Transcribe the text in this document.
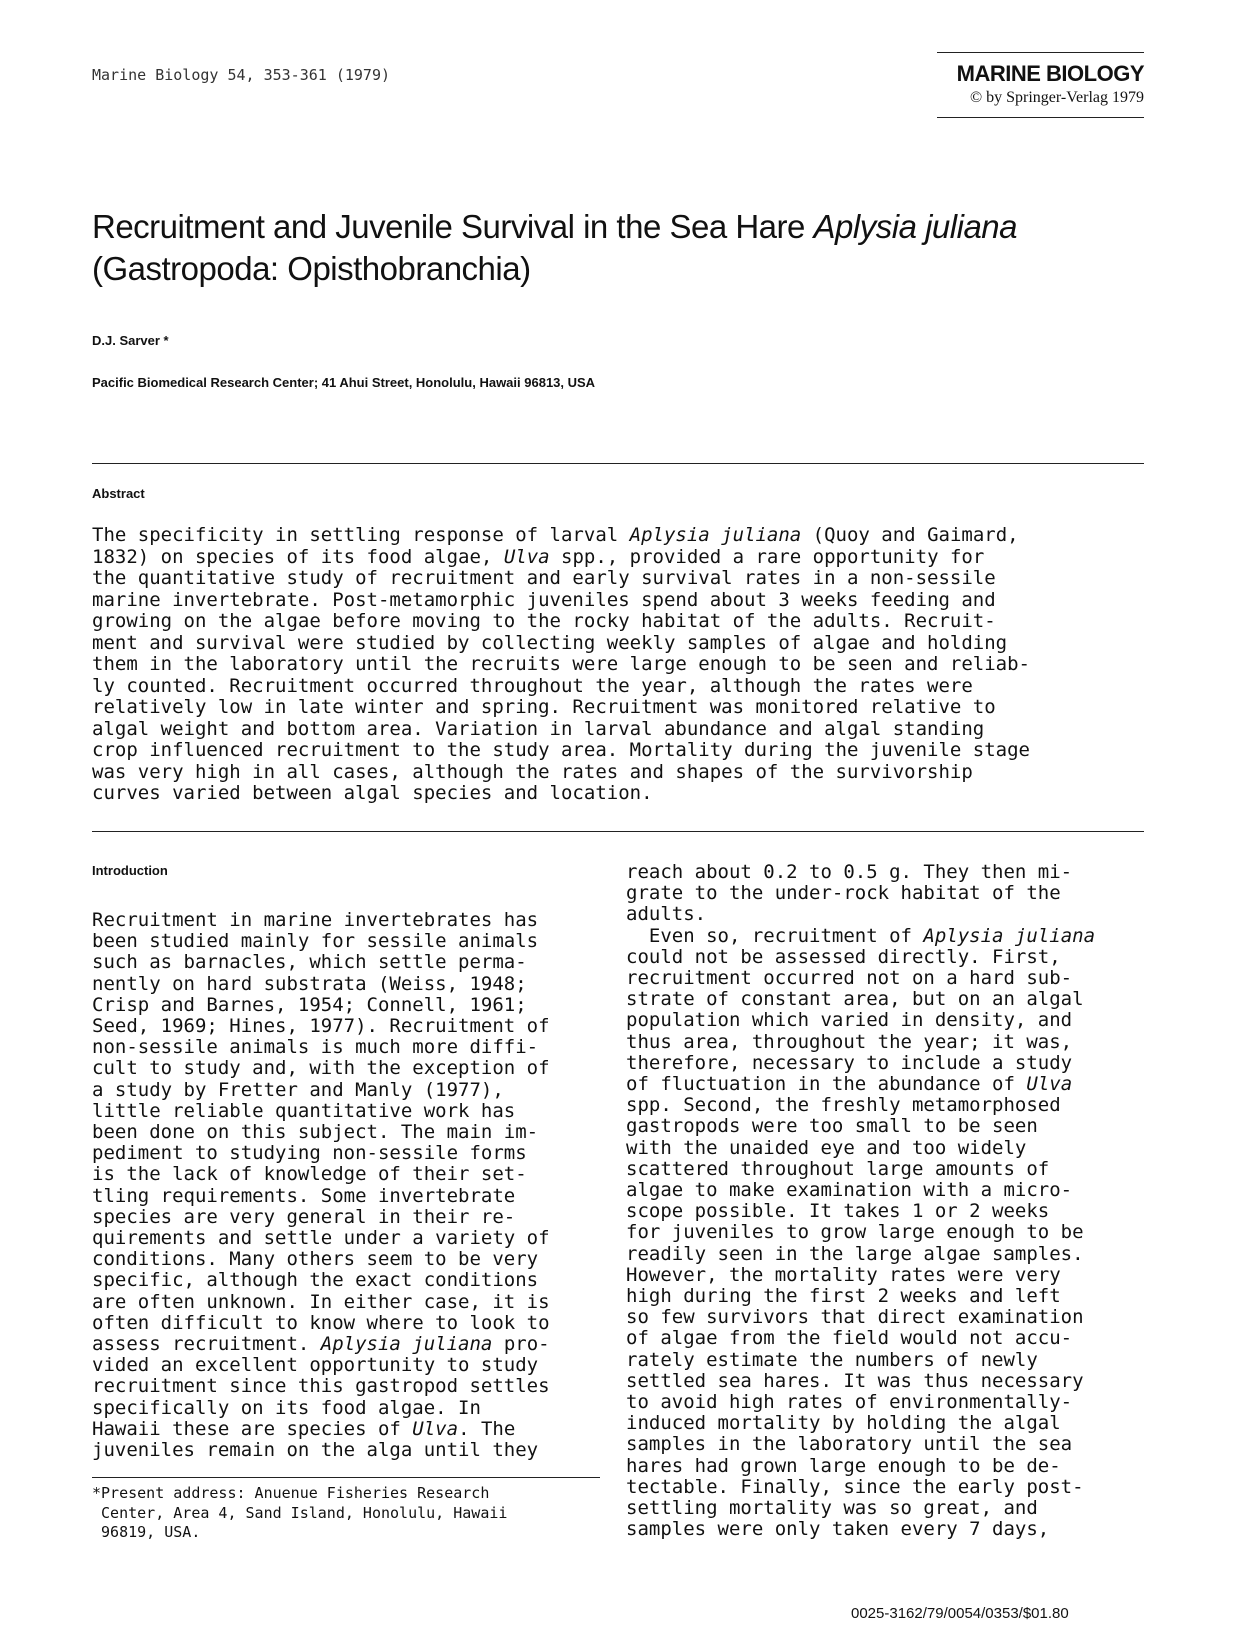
Marine Biology 54, 353-361 (1979)	MARINE BIOLOGY
© by Springer-Verlag 1979
Recruitment and Juvenile Survival in the Sea Hare Aplysia juliana
(Gastropoda: Opisthobranchia)
D.J. Sarver *
Pacific Biomedical Research Center; 41 Ahui Street, Honolulu, Hawaii 96813, USA
Abstract
The specificity in settling response of larval Aplysia juliana (Quoy and Gaimard,
1832) on species of its food algae, Ulva spp., provided a rare opportunity for
the quantitative study of recruitment and early survival rates in a non-sessile
marine invertebrate. Post-metamorphic juveniles spend about 3 weeks feeding and
growing on the algae before moving to the rocky habitat of the adults. Recruit-
ment and survival were studied by collecting weekly samples of algae and holding
them in the laboratory until the recruits were large enough to be seen and reliab-
ly counted. Recruitment occurred throughout the year, although the rates were
relatively low in late winter and spring. Recruitment was monitored relative to
algal weight and bottom area. Variation in larval abundance and algal standing
crop influenced recruitment to the study area. Mortality during the juvenile stage
was very high in all cases, although the rates and shapes of the survivorship
curves varied between algal species and location.
Introduction
Recruitment in marine invertebrates has
been studied mainly for sessile animals
such as barnacles, which settle perma-
nently on hard substrata (Weiss, 1948;
Crisp and Barnes, 1954; Connell, 1961;
Seed, 1969; Hines, 1977). Recruitment of
non-sessile animals is much more diffi-
cult to study and, with the exception of
a study by Fretter and Manly (1977),
little reliable quantitative work has
been done on this subject. The main im-
pediment to studying non-sessile forms
is the lack of knowledge of their set-
tling requirements. Some invertebrate
species are very general in their re-
quirements and settle under a variety of
conditions. Many others seem to be very
specific, although the exact conditions
are often unknown. In either case, it is
often difficult to know where to look to
assess recruitment. Aplysia juliana pro-
vided an excellent opportunity to study
recruitment since this gastropod settles
specifically on its food algae. In
Hawaii these are species of Ulva. The
juveniles remain on the alga until they
reach about 0.2 to 0.5 g. They then mi-
grate to the under-rock habitat of the
adults.
Even so, recruitment of Aplysia juliana
could not be assessed directly. First,
recruitment occurred not on a hard sub-
strate of constant area, but on an algal
population which varied in density, and
thus area, throughout the year; it was,
therefore, necessary to include a study
of fluctuation in the abundance of Ulva
spp. Second, the freshly metamorphosed
gastropods were too small to be seen
with the unaided eye and too widely
scattered throughout large amounts of
algae to make examination with a micro-
scope possible. It takes 1 or 2 weeks
for juveniles to grow large enough to be
readily seen in the large algae samples.
However, the mortality rates were very
high during the first 2 weeks and left
so few survivors that direct examination
of algae from the field would not accu-
rately estimate the numbers of newly
settled sea hares. It was thus necessary
to avoid high rates of environmentally-
induced mortality by holding the algal
samples in the laboratory until the sea
hares had grown large enough to be de-
tectable. Finally, since the early post-
settling mortality was so great, and
samples were only taken every 7 days,
*Present address: Anuenue Fisheries Research
Center, Area 4, Sand Island, Honolulu, Hawaii
96819, USA.
0025-3162/79/0054/0353/$01.80
